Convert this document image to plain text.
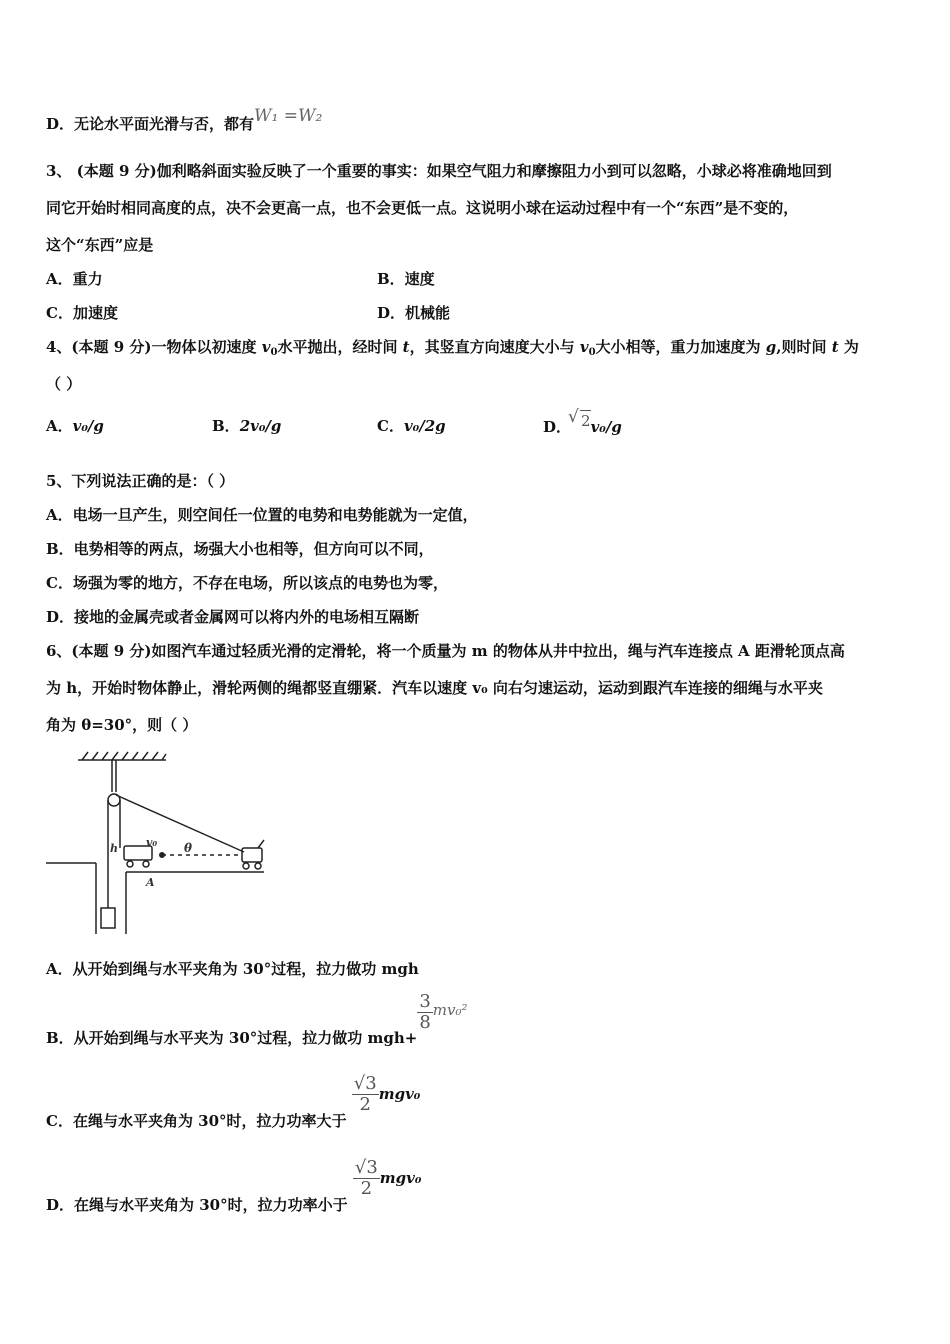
D．无论水平面光滑与否，都有W₁ =W₂
3、 (本题 9 分)伽利略斜面实验反映了一个重要的事实：如果空气阻力和摩擦阻力小到可以忽略，小球必将准确地回到
同它开始时相同高度的点，决不会更高一点，也不会更低一点。这说明小球在运动过程中有一个“东西”是不变的，
这个“东西”应是
A．重力	B．速度
C．加速度	D．机械能
4、(本题 9 分)一物体以初速度 $v_0$水平抛出，经时间 t，其竖直方向速度大小与 $v_0$大小相等，重力加速度为 g,则时间 t 为
（ ）
A．v₀/g	B．2v₀/g	C．v₀/2g	D．√ 2v₀/g
5、下列说法正确的是：（ ）
A．电场一旦产生，则空间任一位置的电势和电势能就为一定值，
B．电势相等的两点，场强大小也相等，但方向可以不同，
C．场强为零的地方，不存在电场，所以该点的电势也为零，
D．接地的金属壳或者金属网可以将内外的电场相互隔断
6、(本题 9 分)如图汽车通过轻质光滑的定滑轮，将一个质量为 m 的物体从井中拉出，绳与汽车连接点 A 距滑轮顶点高
为 h，开始时物体静止，滑轮两侧的绳都竖直绷紧．汽车以速度 v₀ 向右匀速运动，运动到跟汽车连接的细绳与水平夹
角为 θ=30°，则（ ）
h	v₀ θ
A
A．从开始到绳与水平夹角为 30°过程，拉力做功 mgh
B．从开始到绳与水平夹为 30°过程，拉力做功 mgh+
$\frac{3}{8} mv_0^2$
C．在绳与水平夹角为 30°时，拉力功率大于
$\frac{√3}{2} mgv_0$
D．在绳与水平夹角为 30°时，拉力功率小于
$\frac{√3}{2} mgv_0$
